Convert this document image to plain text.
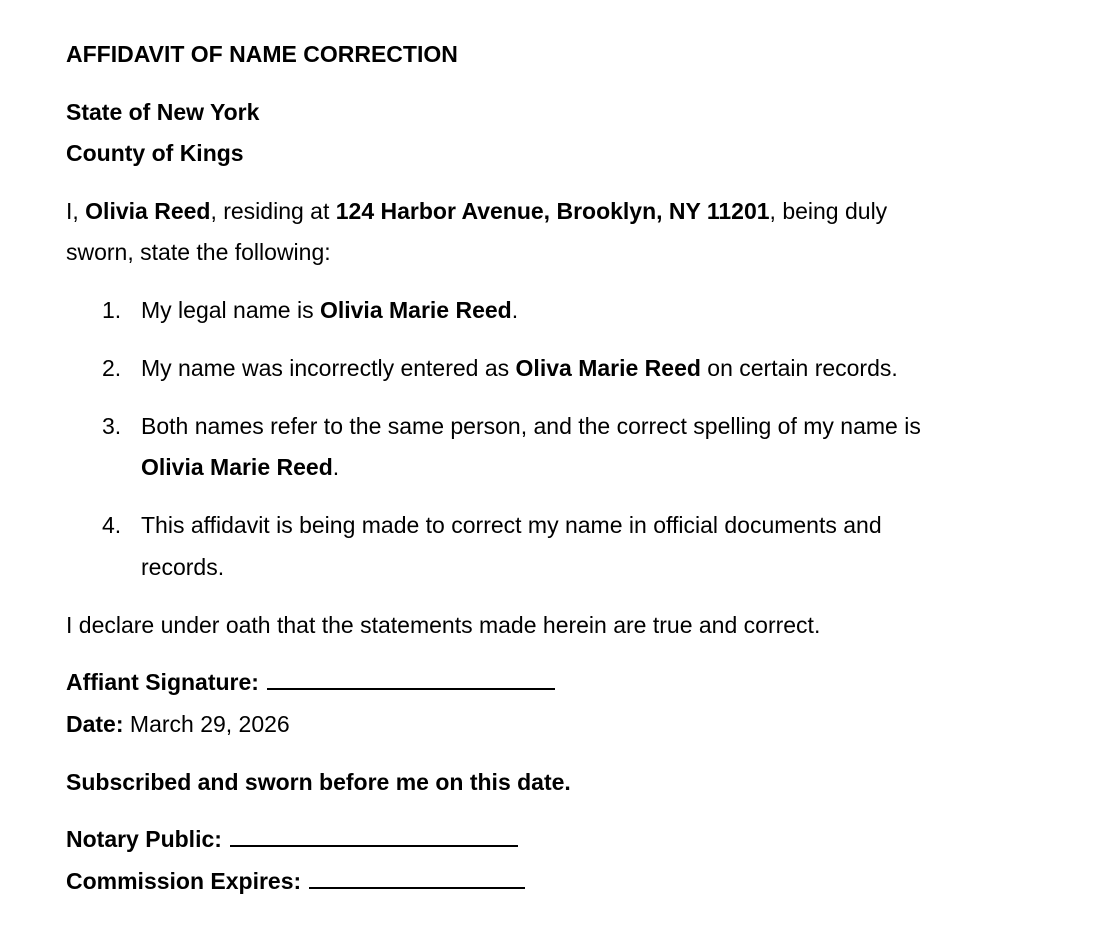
AFFIDAVIT OF NAME CORRECTION
State of New York
County of Kings
I, Olivia Reed, residing at 124 Harbor Avenue, Brooklyn, NY 11201, being duly
sworn, state the following:
1. My legal name is Olivia Marie Reed.
2. My name was incorrectly entered as Oliva Marie Reed on certain records.
3. Both names refer to the same person, and the correct spelling of my name is
Olivia Marie Reed.
4. This affidavit is being made to correct my name in official documents and
records.
I declare under oath that the statements made herein are true and correct.
Affiant Signature:
Date: March 29, 2026
Subscribed and sworn before me on this date.
Notary Public:
Commission Expires:
